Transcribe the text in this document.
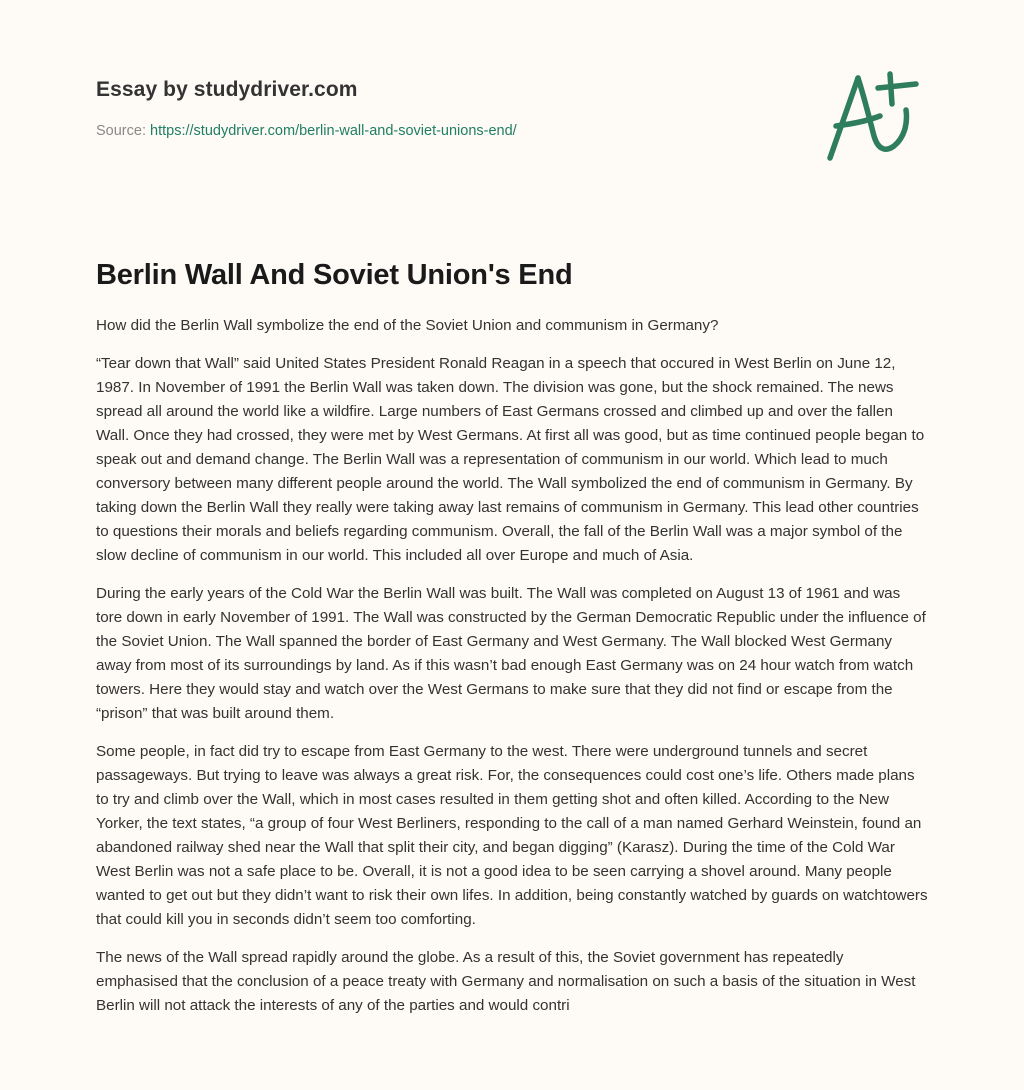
Essay by studydriver.com
Source: https://studydriver.com/berlin-wall-and-soviet-unions-end/
Berlin Wall And Soviet Union's End

How did the Berlin Wall symbolize the end of the Soviet Union and communism in Germany?

“Tear down that Wall” said United States President Ronald Reagan in a speech that occured in West Berlin on June 12, 1987. In November of 1991 the Berlin Wall was taken down. The division was gone, but the shock remained. The news spread all around the world like a wildfire. Large numbers of East Germans crossed and climbed up and over the fallen Wall. Once they had crossed, they were met by West Germans. At first all was good, but as time continued people began to speak out and demand change. The Berlin Wall was a representation of communism in our world. Which lead to much conversory between many different people around the world. The Wall symbolized the end of communism in Germany. By taking down the Berlin Wall they really were taking away last remains of communism in Germany. This lead other countries to questions their morals and beliefs regarding communism. Overall, the fall of the Berlin Wall was a major symbol of the slow decline of communism in our world. This included all over Europe and much of Asia.

During the early years of the Cold War the Berlin Wall was built. The Wall was completed on August 13 of 1961 and was tore down in early November of 1991. The Wall was constructed by the German Democratic Republic under the influence of the Soviet Union. The Wall spanned the border of East Germany and West Germany. The Wall blocked West Germany away from most of its surroundings by land. As if this wasn’t bad enough East Germany was on 24 hour watch from watch towers. Here they would stay and watch over the West Germans to make sure that they did not find or escape from the “prison” that was built around them.

Some people, in fact did try to escape from East Germany to the west. There were underground tunnels and secret passageways. But trying to leave was always a great risk. For, the consequences could cost one’s life. Others made plans to try and climb over the Wall, which in most cases resulted in them getting shot and often killed. According to the New Yorker, the text states, “a group of four West Berliners, responding to the call of a man named Gerhard Weinstein, found an abandoned railway shed near the Wall that split their city, and began digging” (Karasz). During the time of the Cold War West Berlin was not a safe place to be. Overall, it is not a good idea to be seen carrying a shovel around. Many people wanted to get out but they didn’t want to risk their own lifes. In addition, being constantly watched by guards on watchtowers that could kill you in seconds didn’t seem too comforting.

The news of the Wall spread rapidly around the globe. As a result of this, the Soviet government has repeatedly emphasised that the conclusion of a peace treaty with Germany and normalisation on such a basis of the situation in West Berlin will not attack the interests of any of the parties and would contri
